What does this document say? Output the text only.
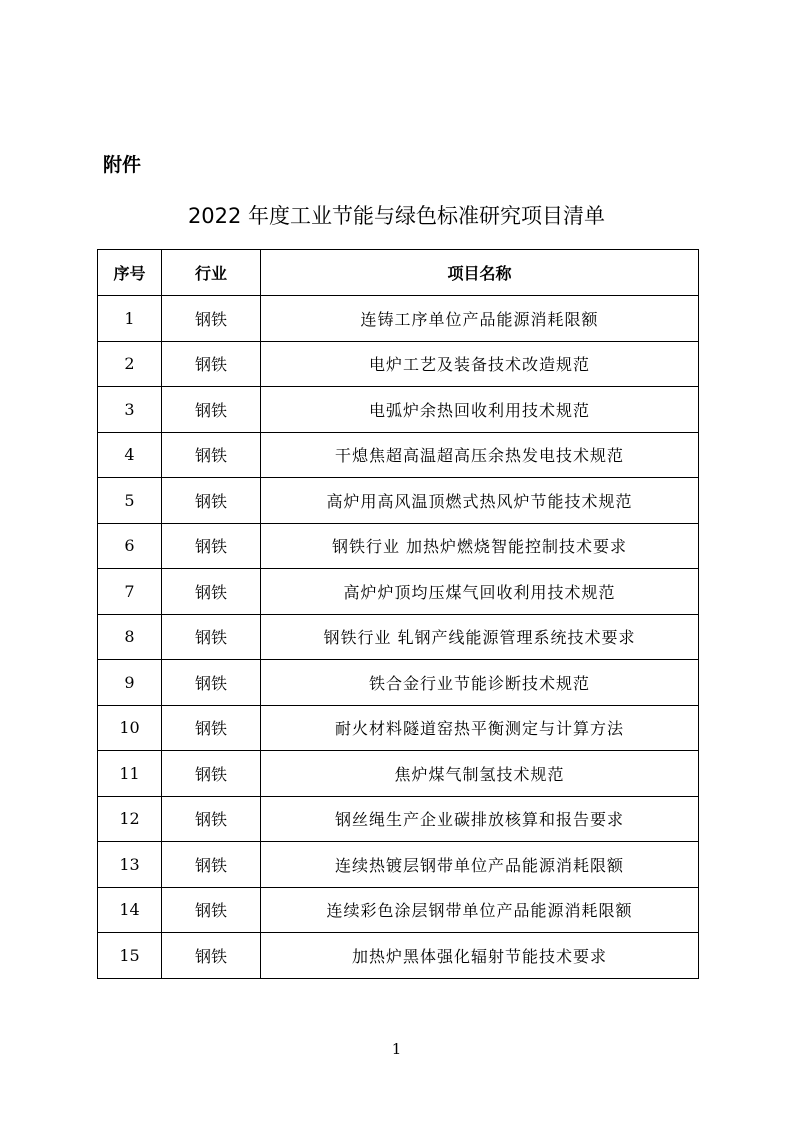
附件
2022 年度工业节能与绿色标准研究项目清单
序号	行业	项目名称
1	钢铁	连铸工序单位产品能源消耗限额
2	钢铁	电炉工艺及装备技术改造规范
3	钢铁	电弧炉余热回收利用技术规范
4	钢铁	干熄焦超高温超高压余热发电技术规范
5	钢铁	高炉用高风温顶燃式热风炉节能技术规范
6	钢铁	钢铁行业 加热炉燃烧智能控制技术要求
7	钢铁	高炉炉顶均压煤气回收利用技术规范
8	钢铁	钢铁行业 轧钢产线能源管理系统技术要求
9	钢铁	铁合金行业节能诊断技术规范
10	钢铁	耐火材料隧道窑热平衡测定与计算方法
11	钢铁	焦炉煤气制氢技术规范
12	钢铁	钢丝绳生产企业碳排放核算和报告要求
13	钢铁	连续热镀层钢带单位产品能源消耗限额
14	钢铁	连续彩色涂层钢带单位产品能源消耗限额
15	钢铁	加热炉黑体强化辐射节能技术要求
1
